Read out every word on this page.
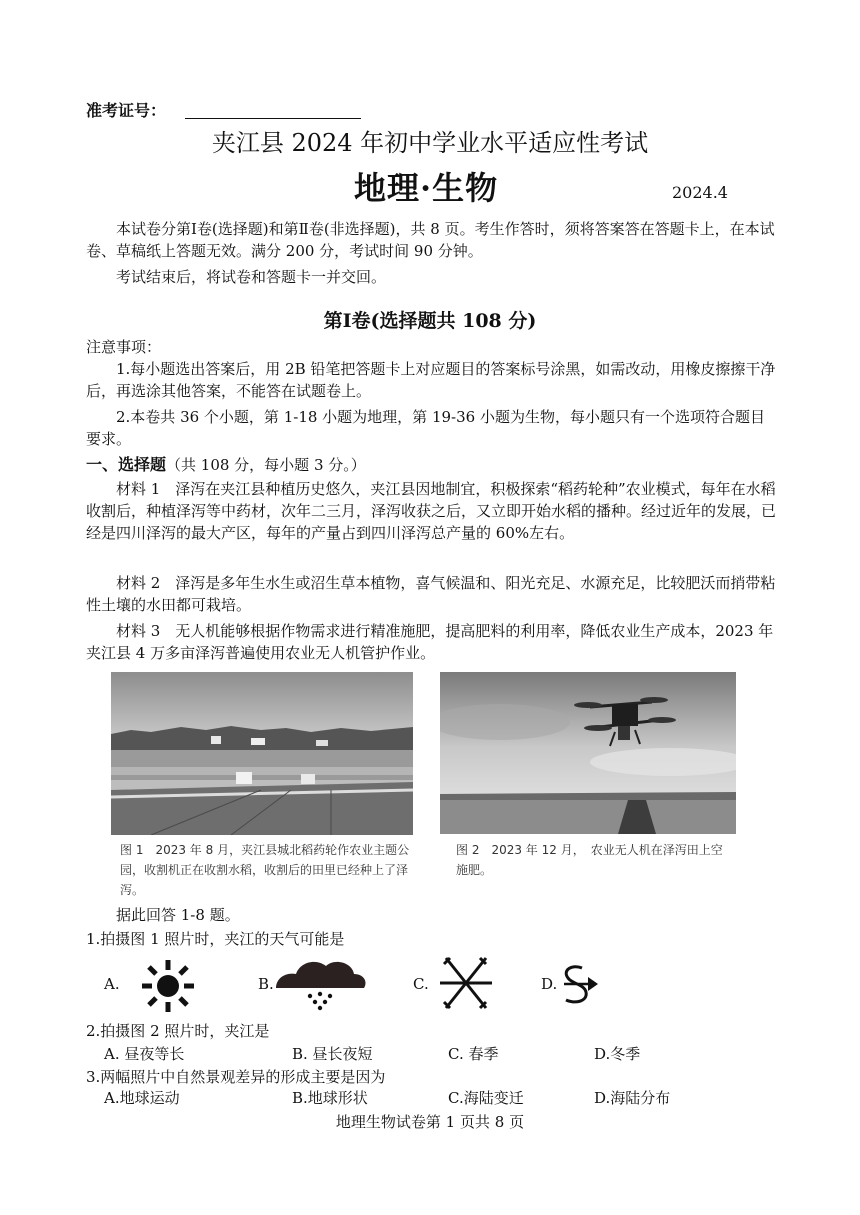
准考证号：
夹江县 2024 年初中学业水平适应性考试
地理·生物	2024.4
本试卷分第Ⅰ卷(选择题)和第Ⅱ卷(非选择题)，共 8 页。考生作答时，须将答案答在答题卡上，在本试卷、草稿纸上答题无效。满分 200 分，考试时间 90 分钟。
考试结束后，将试卷和答题卡一并交回。
第Ⅰ卷(选择题共 108 分)
注意事项：
1.每小题选出答案后，用 2B 铅笔把答题卡上对应题目的答案标号涂黑，如需改动，用橡皮擦擦干净后，再选涂其他答案，不能答在试题卷上。
2.本卷共 36 个小题，第 1-18 小题为地理，第 19-36 小题为生物，每小题只有一个选项符合题目要求。
一、选择题（共 108 分，每小题 3 分。）
材料 1　泽泻在夹江县种植历史悠久，夹江县因地制宜，积极探索“稻药轮种”农业模式，每年在水稻收割后，种植泽泻等中药材，次年二三月，泽泻收获之后，又立即开始水稻的播种。经过近年的发展，已经是四川泽泻的最大产区，每年的产量占到四川泽泻总产量的 60%左右。
材料 2　泽泻是多年生水生或沼生草本植物，喜气候温和、阳光充足、水源充足，比较肥沃而捎带粘性土壤的水田都可栽培。
材料 3　无人机能够根据作物需求进行精准施肥，提高肥料的利用率，降低农业生产成本，2023 年夹江县 4 万多亩泽泻普遍使用农业无人机管护作业。
图 1　2023 年 8 月，夹江县城北稻药轮作农业主题公园，收割机正在收割水稻，收割后的田里已经种上了泽泻。
图 2　2023 年 12 月，　农业无人机在泽泻田上空施肥。
据此回答 1-8 题。
1.拍摄图 1 照片时，夹江的天气可能是
A.	B.	C.	D.
2.拍摄图 2 照片时，夹江是
A. 昼夜等长	B. 昼长夜短	C. 春季	D.冬季
3.两幅照片中自然景观差异的形成主要是因为
A.地球运动	B.地球形状	C.海陆变迁	D.海陆分布
地理生物试卷第 1 页共 8 页
